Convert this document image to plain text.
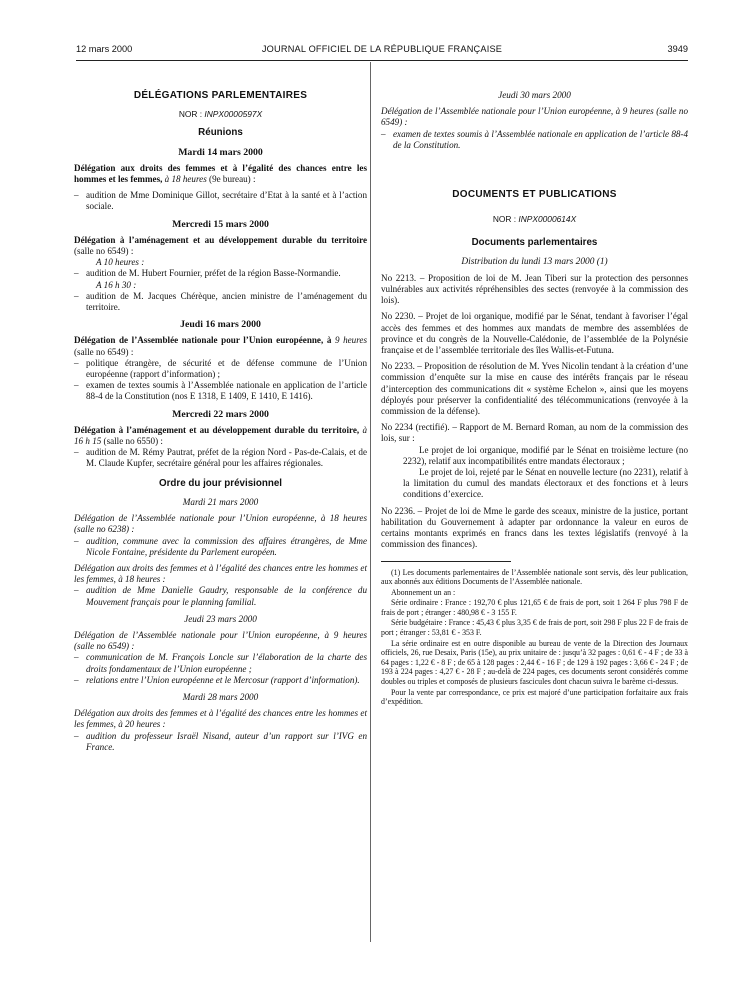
12 mars 2000	JOURNAL OFFICIEL DE LA RÉPUBLIQUE FRANÇAISE	3949
DÉLÉGATIONS PARLEMENTAIRES
NOR : INPX0000597X
Réunions
Mardi 14 mars 2000

Délégation aux droits des femmes et à l’égalité des chances entre les hommes et les femmes, à 18 heures (9e bureau) :

– audition de Mme Dominique Gillot, secrétaire d’Etat à la santé et à l’action sociale.
Mercredi 15 mars 2000

Délégation à l’aménagement et au développement durable du territoire (salle no 6549) :

A 10 heures :

– audition de M. Hubert Fournier, préfet de la région Basse-Normandie.

A 16 h 30 :

– audition de M. Jacques Chérèque, ancien ministre de l’aménagement du territoire.
Jeudi 16 mars 2000

Délégation de l’Assemblée nationale pour l’Union européenne, à 9 heures (salle no 6549) :

– politique étrangère, de sécurité et de défense commune de l’Union européenne (rapport d’information) ;
– examen de textes soumis à l’Assemblée nationale en application de l’article 88-4 de la Constitution (nos E 1318, E 1409, E 1410, E 1416).
Mercredi 22 mars 2000

Délégation à l’aménagement et au développement durable du territoire, à 16 h 15 (salle no 6550) :

– audition de M. Rémy Pautrat, préfet de la région Nord - Pas-de-Calais, et de M. Claude Kupfer, secrétaire général pour les affaires régionales.
Ordre du jour prévisionnel
Mardi 21 mars 2000

Délégation de l’Assemblée nationale pour l’Union européenne, à 18 heures (salle no 6238) :

– audition, commune avec la commission des affaires étrangères, de Mme Nicole Fontaine, présidente du Parlement européen.

Délégation aux droits des femmes et à l’égalité des chances entre les hommes et les femmes, à 18 heures :

– audition de Mme Danielle Gaudry, responsable de la conférence du Mouvement français pour le planning familial.
Jeudi 23 mars 2000

Délégation de l’Assemblée nationale pour l’Union européenne, à 9 heures (salle no 6549) :

– communication de M. François Loncle sur l’élaboration de la charte des droits fondamentaux de l’Union européenne ;
– relations entre l’Union européenne et le Mercosur (rapport d’information).
Mardi 28 mars 2000

Délégation aux droits des femmes et à l’égalité des chances entre les hommes et les femmes, à 20 heures :

– audition du professeur Israël Nisand, auteur d’un rapport sur l’IVG en France.
Jeudi 30 mars 2000

Délégation de l’Assemblée nationale pour l’Union européenne, à 9 heures (salle no 6549) :

– examen de textes soumis à l’Assemblée nationale en application de l’article 88-4 de la Constitution.
DOCUMENTS ET PUBLICATIONS
NOR : INPX0000614X
Documents parlementaires
Distribution du lundi 13 mars 2000 (1)

No 2213. – Proposition de loi de M. Jean Tiberi sur la protection des personnes vulnérables aux activités répréhensibles des sectes (renvoyée à la commission des lois).

No 2230. – Projet de loi organique, modifié par le Sénat, tendant à favoriser l’égal accès des femmes et des hommes aux mandats de membre des assemblées de province et du congrès de la Nouvelle-Calédonie, de l’assemblée de la Polynésie française et de l’assemblée territoriale des îles Wallis-et-Futuna.

No 2233. – Proposition de résolution de M. Yves Nicolin tendant à la création d’une commission d’enquête sur la mise en cause des intérêts français par le réseau d’interception des communications dit « système Echelon », ainsi que les moyens déployés pour préserver la confidentialité des télécommunications (renvoyée à la commission de la défense).

No 2234 (rectifié). – Rapport de M. Bernard Roman, au nom de la commission des lois, sur :

Le projet de loi organique, modifié par le Sénat en troisième lecture (no 2232), relatif aux incompatibilités entre mandats électoraux ;

Le projet de loi, rejeté par le Sénat en nouvelle lecture (no 2231), relatif à la limitation du cumul des mandats électoraux et des fonctions et à leurs conditions d’exercice.

No 2236. – Projet de loi de Mme le garde des sceaux, ministre de la justice, portant habilitation du Gouvernement à adapter par ordonnance la valeur en euros de certains montants exprimés en francs dans les textes législatifs (renvoyé à la commission des finances).

(1) Les documents parlementaires de l’Assemblée nationale sont servis, dès leur publication, aux abonnés aux éditions Documents de l’Assemblée nationale.

Abonnement un an :

Série ordinaire : France : 192,70 € plus 121,65 € de frais de port, soit 1 264 F plus 798 F de frais de port ; étranger : 480,98 € - 3 155 F.

Série budgétaire : France : 45,43 € plus 3,35 € de frais de port, soit 298 F plus 22 F de frais de port ; étranger : 53,81 € - 353 F.

La série ordinaire est en outre disponible au bureau de vente de la Direction des Journaux officiels, 26, rue Desaix, Paris (15e), au prix unitaire de : jusqu’à 32 pages : 0,61 € - 4 F ; de 33 à 64 pages : 1,22 € - 8 F ; de 65 à 128 pages : 2,44 € - 16 F ; de 129 à 192 pages : 3,66 € - 24 F ; de 193 à 224 pages : 4,27 € - 28 F ; au-delà de 224 pages, ces documents seront considérés comme doubles ou triples et composés de plusieurs fascicules dont chacun suivra le barème ci-dessus.

Pour la vente par correspondance, ce prix est majoré d’une participation forfaitaire aux frais d’expédition.
